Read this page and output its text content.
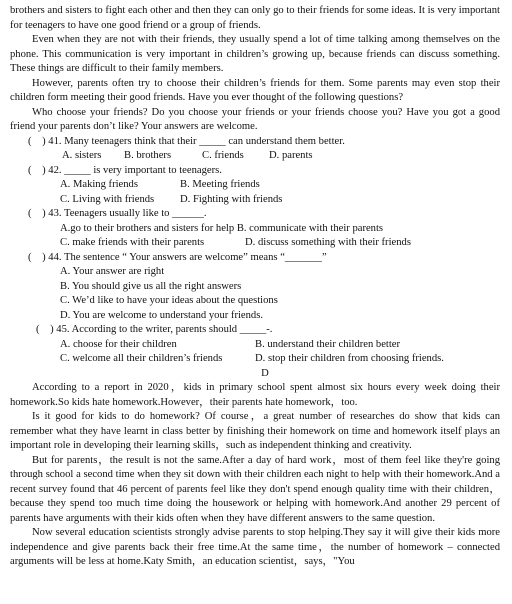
brothers and sisters to fight each other and then they can only go to their friends for some ideas. It is very important for teenagers to have one good friend or a group of friends.

Even when they are not with their friends, they usually spend a lot of time talking among themselves on the phone. This communication is very important in children’s growing up, because friends can discuss something. These things are difficult to their family members.

However, parents often try to choose their children’s friends for them. Some parents may even stop their children form meeting their good friends. Have you ever thought of the following questions?

Who choose your friends? Do you choose your friends or your friends choose you? Have you got a good friend your parents don’t like? Your answers are welcome.

(　) 41. Many teenagers think that their _____ can understand them better.

A. sisters	B. brothers	C. friends	D. parents

(　) 42. _____ is very important to teenagers.

A. Making friends	B. Meeting friends
C. Living with friends	D. Fighting with friends

(　) 43. Teenagers usually like to ______.

A.go to their brothers and sisters for help B. communicate with their parents

C. make friends with their parents	D. discuss something with their friends

(　) 44. The sentence “ Your answers are welcome” means “_______”

A. Your answer are right

B. You should give us all the right answers

C. We’d like to have your ideas about the questions

D. You are welcome to understand your friends.

(　) 45. According to the writer, parents should _____-.

A. choose for their children	B. understand their children better
C. welcome all their children’s friends	D. stop their children from choosing friends.

D

According to a report in 2020，kids in primary school spent almost six hours every week doing their homework.So kids hate homework.However，their parents hate homework，too.

Is it good for kids to do homework? Of course，a great number of researches do show that kids can remember what they have learnt in class better by finishing their homework on time and homework itself plays an important role in developing their learning skills，such as independent thinking and creativity.

But for parents，the result is not the same.After a day of hard work，most of them feel like they're going through school a second time when they sit down with their children each night to help with their homework.And a recent survey found that 46 percent of parents feel like they don't spend enough quality time with their children，because they spend too much time doing the housework or helping with homework.And another 29 percent of parents have arguments with their kids often when they have different answers to the same question.

Now several education scientists strongly advise parents to stop helping.They say it will give their kids more independence and give parents back their free time.At the same time，the number of homework – connected arguments will be less at home.Katy Smith，an education scientist，says，"You
